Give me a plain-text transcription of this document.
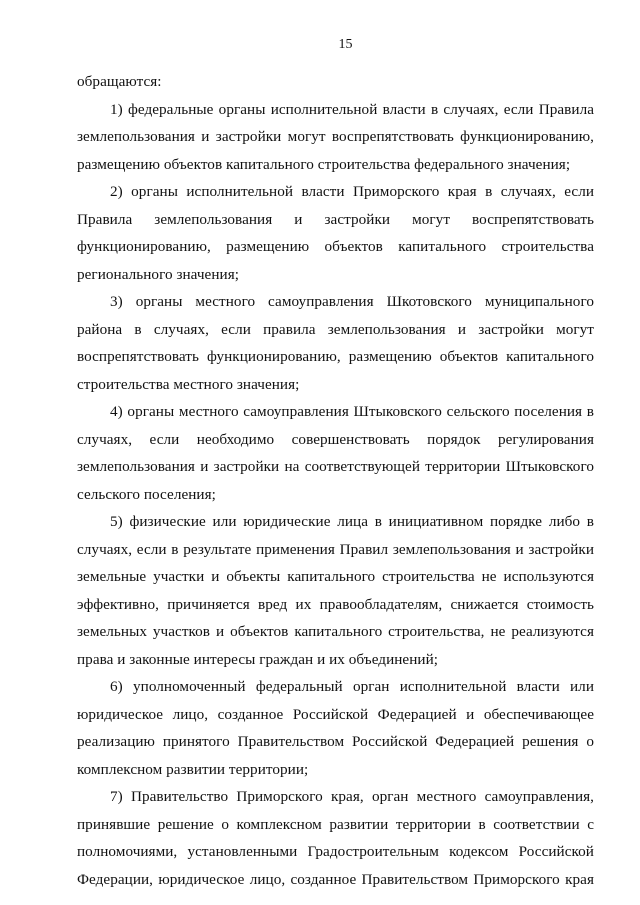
15

обращаются:

1) федеральные органы исполнительной власти в случаях, если Правила землепользования и застройки могут воспрепятствовать функционированию, размещению объектов капитального строительства федерального значения;

2) органы исполнительной власти Приморского края в случаях, если Правила землепользования и застройки могут воспрепятствовать функционированию, размещению объектов капитального строительства регионального значения;

3) органы местного самоуправления Шкотовского муниципального района в случаях, если правила землепользования и застройки могут воспрепятствовать функционированию, размещению объектов капитального строительства местного значения;

4) органы местного самоуправления Штыковского сельского поселения в случаях, если необходимо совершенствовать порядок регулирования землепользования и застройки на соответствующей территории Штыковского сельского поселения;

5) физические или юридические лица в инициативном порядке либо в случаях, если в результате применения Правил землепользования и застройки земельные участки и объекты капитального строительства не используются эффективно, причиняется вред их правообладателям, снижается стоимость земельных участков и объектов капитального строительства, не реализуются права и законные интересы граждан и их объединений;

6) уполномоченный федеральный орган исполнительной власти или юридическое лицо, созданное Российской Федерацией и обеспечивающее реализацию принятого Правительством Российской Федерацией решения о комплексном развитии территории;

7) Правительство Приморского края, орган местного самоуправления, принявшие решение о комплексном развитии территории в соответствии с полномочиями, установленными Градостроительным кодексом Российской Федерации, юридическое лицо, созданное Правительством Приморского края
